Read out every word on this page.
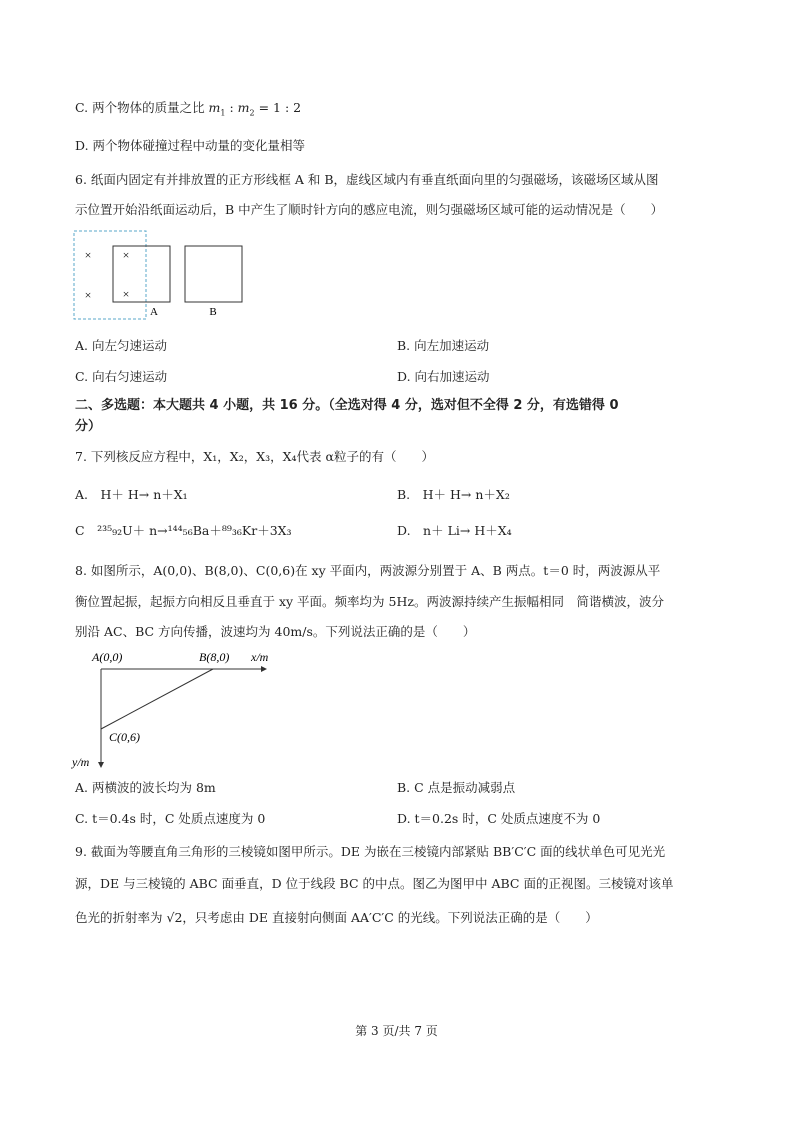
C. 两个物体的质量之比 $m_1$ : $m_2 = 1$ : 2
D. 两个物体碰撞过程中动量的变化量相等
6. 纸面内固定有并排放置的正方形线框 A 和 B，虚线区域内有垂直纸面向里的匀强磁场，该磁场区域从图
示位置开始沿纸面运动后，B 中产生了顺时针方向的感应电流，则匀强磁场区域可能的运动情况是（　　）
×	×
×	×
A	B
A. 向左匀速运动	B. 向左加速运动
C. 向右匀速运动	D. 向右加速运动
二、多选题：本大题共 4 小题，共 16 分。（全选对得 4 分，选对但不全得 2 分，有选错得 0
分）
7. 下列核反应方程中，X₁，X₂，X₃，X₄代表 α粒子的有（　　）
A.　H＋ H→ n＋X₁	B.　H＋ H→ n＋X₂
C　²³⁵₉₂U＋ n→¹⁴⁴₅₆Ba＋⁸⁹₃₆Kr＋3X₃	D.　n＋ Li→ H＋X₄
8. 如图所示，A(0,0)、B(8,0)、C(0,6)在 xy 平面内，两波源分别置于 A、B 两点。t＝0 时，两波源从平
衡位置起振，起振方向相反且垂直于 xy 平面。频率均为 5Hz。两波源持续产生振幅相同　简谐横波，波分
别沿 AC、BC 方向传播，波速均为 40m/s。下列说法正确的是（　　）
A(0,0)	B(8,0) x/m
C(0,6)
y/m
A. 两横波的波长均为 8m	B. C 点是振动减弱点
C. t＝0.4s 时，C 处质点速度为 0	D. t＝0.2s 时，C 处质点速度不为 0
9. 截面为等腰直角三角形的三棱镜如图甲所示。DE 为嵌在三棱镜内部紧贴 BB′C′C 面的线状单色可见光光
源，DE 与三棱镜的 ABC 面垂直，D 位于线段 BC 的中点。图乙为图甲中 ABC 面的正视图。三棱镜对该单
色光的折射率为 √2，只考虑由 DE 直接射向侧面 AA′C′C 的光线。下列说法正确的是（　　）
第 3 页/共 7 页
